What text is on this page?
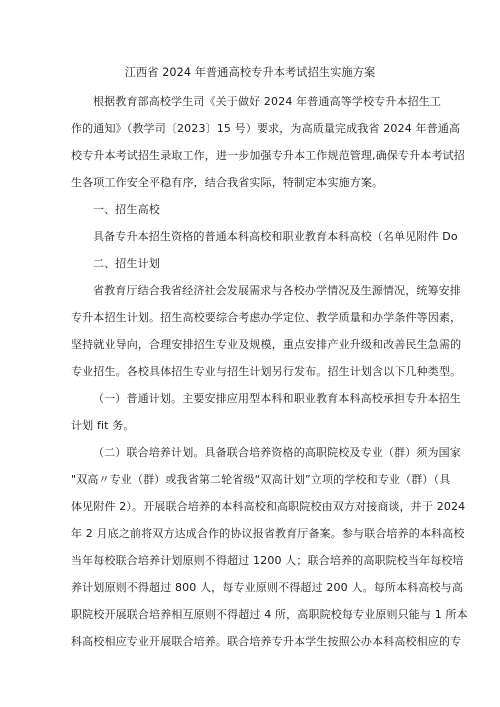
江西省 2024 年普通高校专升本考试招生实施方案
根据教育部高校学生司《关于做好 2024 年普通高等学校专升本招生工
作的通知》（教学司〔2023〕15 号）要求，为高质量完成我省 2024 年普通高
校专升本考试招生录取工作，进一步加强专升本工作规范管理,确保专升本考试招
生各项工作安全平稳有序，结合我省实际，特制定本实施方案。
一、招生高校
具备专升本招生资格的普通本科高校和职业教育本科高校（名单见附件 Do
二、招生计划
省教育厅结合我省经济社会发展需求与各校办学情况及生源情况，统筹安排
专升本招生计划。招生高校要综合考虑办学定位、教学质量和办学条件等因素，
坚持就业导向，合理安排招生专业及规模，重点安排产业升级和改善民生急需的
专业招生。各校具体招生专业与招生计划另行发布。招生计划含以下几种类型。
（一）普通计划。主要安排应用型本科和职业教育本科高校承担专升本招生
计划 fit 务。
（二）联合培养计划。具备联合培养资格的高职院校及专业（群）须为国家
"双高〃专业（群）或我省第二轮省级“双高计划”立项的学校和专业（群）（具
体见附件 2）。开展联合培养的本科高校和高职院校由双方对接商谈，并于 2024
年 2 月底之前将双方达成合作的协议报省教育厅备案。参与联合培养的本科高校
当年每校联合培养计划原则不得超过 1200 人；联合培养的高职院校当年每校培
养计划原则不得超过 800 人，每专业原则不得超过 200 人。每所本科高校与高
职院校开展联合培养相互原则不得超过 4 所，高职院校每专业原则只能与 1 所本
科高校相应专业开展联合培养。联合培养专升本学生按照公办本科高校相应的专
